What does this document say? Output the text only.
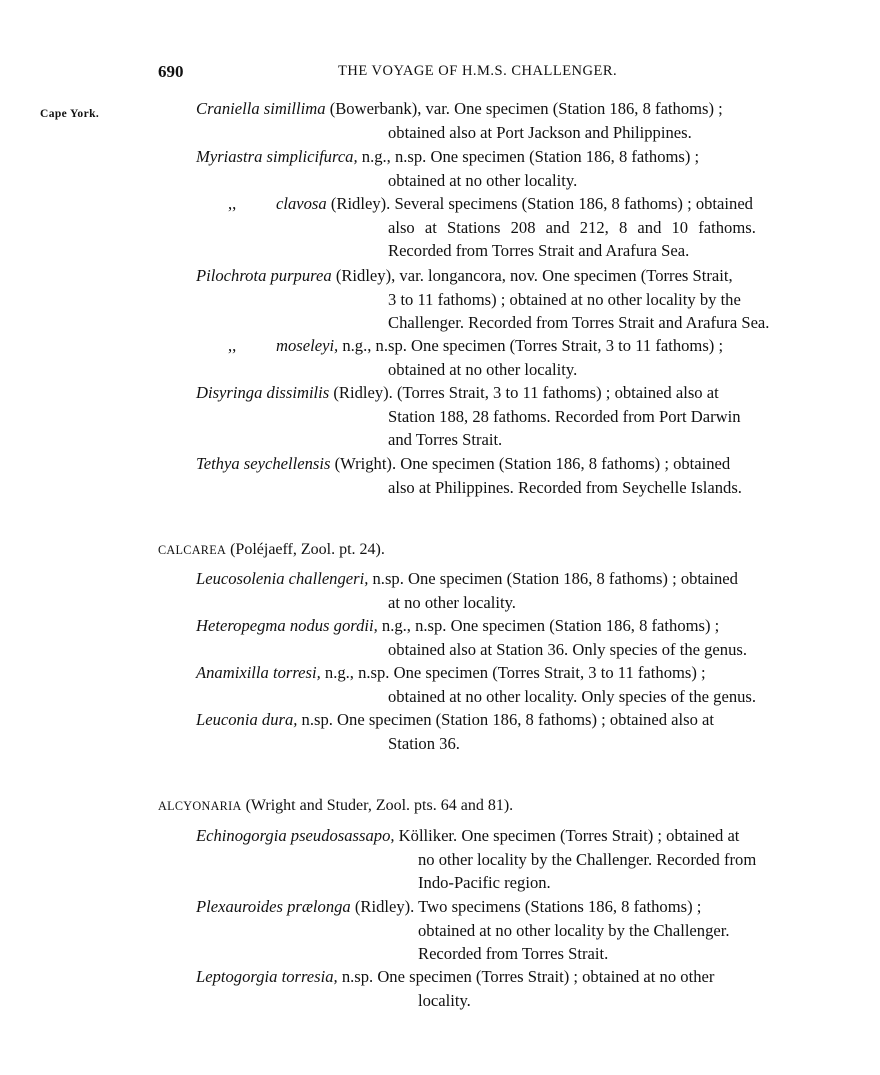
690	THE VOYAGE OF H.M.S. CHALLENGER.
Cape York.	Craniella simillima (Bowerbank), var. One specimen (Station 186, 8 fathoms) ;
obtained also at Port Jackson and Philippines.
Myriastra simplicifurca, n.g., n.sp. One specimen (Station 186, 8 fathoms) ;
obtained at no other locality.
,, clavosa (Ridley). Several specimens (Station 186, 8 fathoms) ; obtained
also at Stations 208 and 212, 8 and 10 fathoms.
Recorded from Torres Strait and Arafura Sea.
Pilochrota purpurea (Ridley), var. longancora, nov. One specimen (Torres Strait,
3 to 11 fathoms) ; obtained at no other locality by the
Challenger. Recorded from Torres Strait and Arafura Sea.
,, moseleyi, n.g., n.sp. One specimen (Torres Strait, 3 to 11 fathoms) ;
obtained at no other locality.
Disyringa dissimilis (Ridley). (Torres Strait, 3 to 11 fathoms) ; obtained also at
Station 188, 28 fathoms. Recorded from Port Darwin
and Torres Strait.
Tethya seychellensis (Wright). One specimen (Station 186, 8 fathoms) ; obtained
also at Philippines. Recorded from Seychelle Islands.
CALCAREA (Poléjaeff, Zool. pt. 24).
Leucosolenia challengeri, n.sp. One specimen (Station 186, 8 fathoms) ; obtained
at no other locality.
Heteropegma nodus gordii, n.g., n.sp. One specimen (Station 186, 8 fathoms) ;
obtained also at Station 36. Only species of the genus.
Anamixilla torresi, n.g., n.sp. One specimen (Torres Strait, 3 to 11 fathoms) ;
obtained at no other locality. Only species of the genus.
Leuconia dura, n.sp. One specimen (Station 186, 8 fathoms) ; obtained also at
Station 36.
ALCYONARIA (Wright and Studer, Zool. pts. 64 and 81).
Echinogorgia pseudosassapo, Kölliker. One specimen (Torres Strait) ; obtained at
no other locality by the Challenger. Recorded from
Indo-Pacific region.
Plexauroides prælonga (Ridley). Two specimens (Stations 186, 8 fathoms) ;
obtained at no other locality by the Challenger.
Recorded from Torres Strait.
Leptogorgia torresia, n.sp. One specimen (Torres Strait) ; obtained at no other
locality.
